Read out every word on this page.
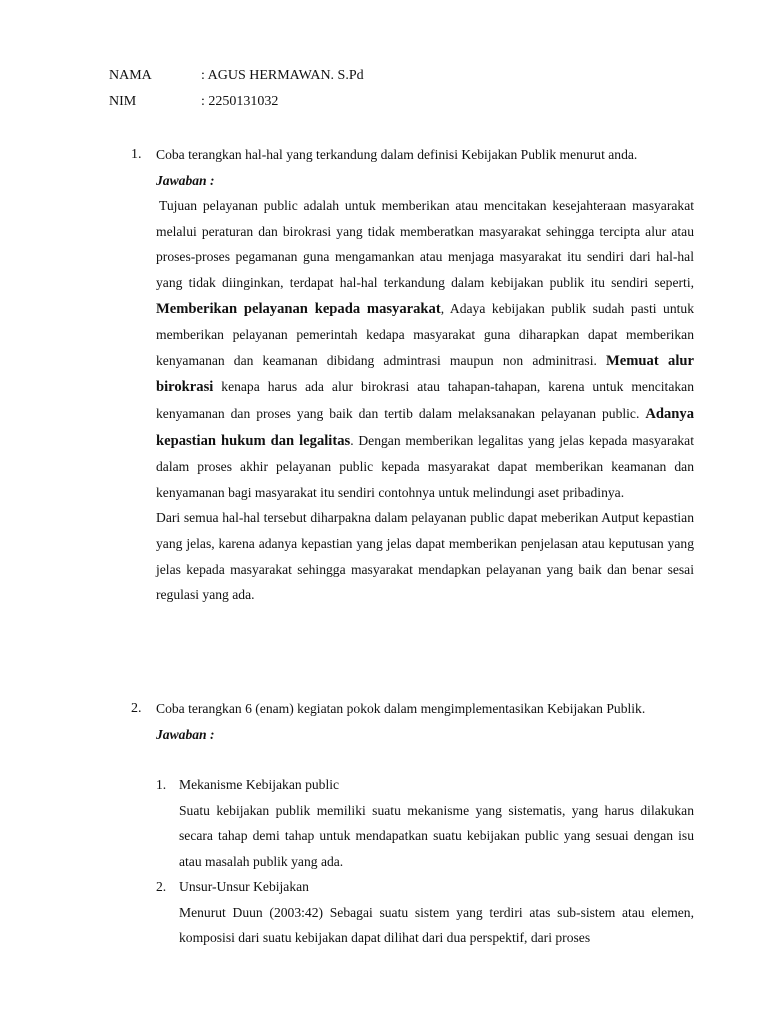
NAMA	: AGUS HERMAWAN. S.Pd
NIM	: 2250131032
1. Coba terangkan hal-hal yang terkandung dalam definisi Kebijakan Publik menurut anda.

Jawaban :

Tujuan pelayanan public adalah untuk memberikan atau mencitakan kesejahteraan masyarakat melalui peraturan dan birokrasi yang tidak memberatkan masyarakat sehingga tercipta alur atau proses-proses pegamanan guna mengamankan atau menjaga masyarakat itu sendiri dari hal-hal yang tidak diinginkan, terdapat hal-hal terkandung dalam kebijakan publik itu sendiri seperti, Memberikan pelayanan kepada masyarakat, Adaya kebijakan publik sudah pasti untuk memberikan pelayanan pemerintah kedapa masyarakat guna diharapkan dapat memberikan kenyamanan dan keamanan dibidang admintrasi maupun non adminitrasi. Memuat alur birokrasi kenapa harus ada alur birokrasi atau tahapan-tahapan, karena untuk mencitakan kenyamanan dan proses yang baik dan tertib dalam melaksanakan pelayanan public. Adanya kepastian hukum dan legalitas. Dengan memberikan legalitas yang jelas kepada masyarakat dalam proses akhir pelayanan public kepada masyarakat dapat memberikan keamanan dan kenyamanan bagi masyarakat itu sendiri contohnya untuk melindungi aset pribadinya.

Dari semua hal-hal tersebut diharpakna dalam pelayanan public dapat meberikan Autput kepastian yang jelas, karena adanya kepastian yang jelas dapat memberikan penjelasan atau keputusan yang jelas kepada masyarakat sehingga masyarakat mendapkan pelayanan yang baik dan benar sesai regulasi yang ada.

2. Coba terangkan 6 (enam) kegiatan pokok dalam mengimplementasikan Kebijakan Publik.

Jawaban :

1. Mekanisme Kebijakan public

Suatu kebijakan publik memiliki suatu mekanisme yang sistematis, yang harus dilakukan secara tahap demi tahap untuk mendapatkan suatu kebijakan public yang sesuai dengan isu atau masalah publik yang ada.

2. Unsur-Unsur Kebijakan

Menurut Duun (2003:42) Sebagai suatu sistem yang terdiri atas sub-sistem atau elemen, komposisi dari suatu kebijakan dapat dilihat dari dua perspektif, dari proses
